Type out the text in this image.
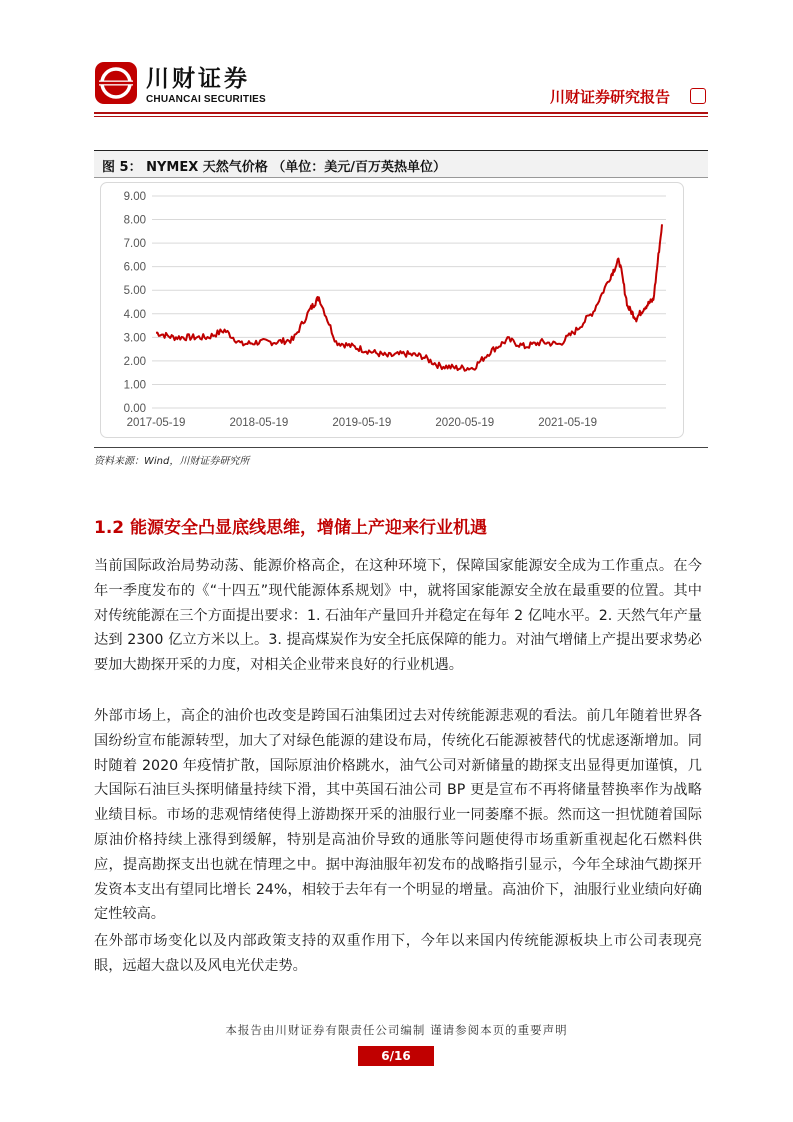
川财证券
CHUANCAI SECURITIES	川财证券研究报告
图 5： NYMEX 天然气价格 （单位：美元/百万英热单位）
9.00
8.00
7.00
6.00
5.00
4.00
3.00
2.00
1.00
0.00
2017-05-19	2018-05-19	2019-05-19	2020-05-19	2021-05-19
资料来源：Wind，川财证券研究所
1.2 能源安全凸显底线思维，增储上产迎来行业机遇

当前国际政治局势动荡、能源价格高企，在这种环境下，保障国家能源安全成为工作重点。在今年一季度发布的《“十四五”现代能源体系规划》中，就将国家能源安全放在最重要的位置。其中对传统能源在三个方面提出要求：1. 石油年产量回升并稳定在每年 2 亿吨水平。2. 天然气年产量达到 2300 亿立方米以上。3. 提高煤炭作为安全托底保障的能力。对油气增储上产提出要求势必要加大勘探开采的力度，对相关企业带来良好的行业机遇。

外部市场上，高企的油价也改变是跨国石油集团过去对传统能源悲观的看法。前几年随着世界各国纷纷宣布能源转型，加大了对绿色能源的建设布局，传统化石能源被替代的忧虑逐渐增加。同时随着 2020 年疫情扩散，国际原油价格跳水，油气公司对新储量的勘探支出显得更加谨慎，几大国际石油巨头探明储量持续下滑，其中英国石油公司 BP 更是宣布不再将储量替换率作为战略业绩目标。市场的悲观情绪使得上游勘探开采的油服行业一同萎靡不振。然而这一担忧随着国际原油价格持续上涨得到缓解，特别是高油价导致的通胀等问题使得市场重新重视起化石燃料供应，提高勘探支出也就在情理之中。据中海油服年初发布的战略指引显示，今年全球油气勘探开发资本支出有望同比增长 24%，相较于去年有一个明显的增量。高油价下，油服行业业绩向好确定性较高。

在外部市场变化以及内部政策支持的双重作用下，今年以来国内传统能源板块上市公司表现亮眼，远超大盘以及风电光伏走势。

本报告由川财证券有限责任公司编制 谨请参阅本页的重要声明
6/16
